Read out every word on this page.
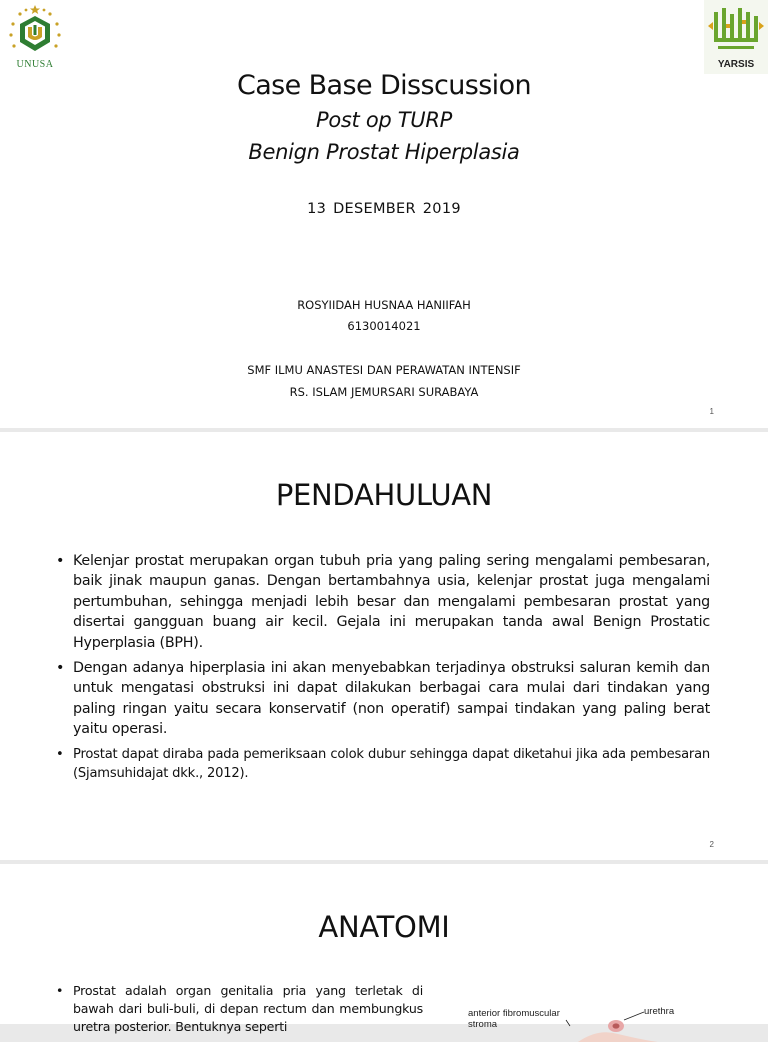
UNUSA	YARSIS
Case Base Disscussion
Post op TURP
Benign Prostat Hiperplasia
13 DESEMBER 2019
ROSYIIDAH HUSNAA HANIIFAH
6130014021
SMF ILMU ANASTESI DAN PERAWATAN INTENSIF
RS. ISLAM JEMURSARI SURABAYA
1
PENDAHULUAN
• Kelenjar prostat merupakan organ tubuh pria yang paling sering mengalami pembesaran, baik jinak maupun ganas. Dengan bertambahnya usia, kelenjar prostat juga mengalami pertumbuhan, sehingga menjadi lebih besar dan mengalami pembesaran prostat yang disertai gangguan buang air kecil. Gejala ini merupakan tanda awal Benign Prostatic Hyperplasia (BPH).
• Dengan adanya hiperplasia ini akan menyebabkan terjadinya obstruksi saluran kemih dan untuk mengatasi obstruksi ini dapat dilakukan berbagai cara mulai dari tindakan yang paling ringan yaitu secara konservatif (non operatif) sampai tindakan yang paling berat yaitu operasi.
• Prostat dapat diraba pada pemeriksaan colok dubur sehingga dapat diketahui jika ada pembesaran (Sjamsuhidajat dkk., 2012).
2
ANATOMI
• Prostat adalah organ genitalia pria yang terletak di bawah dari buli-buli, di depan rectum dan membungkus uretra posterior. Bentuknya seperti
anterior fibromuscular stroma
urethra
